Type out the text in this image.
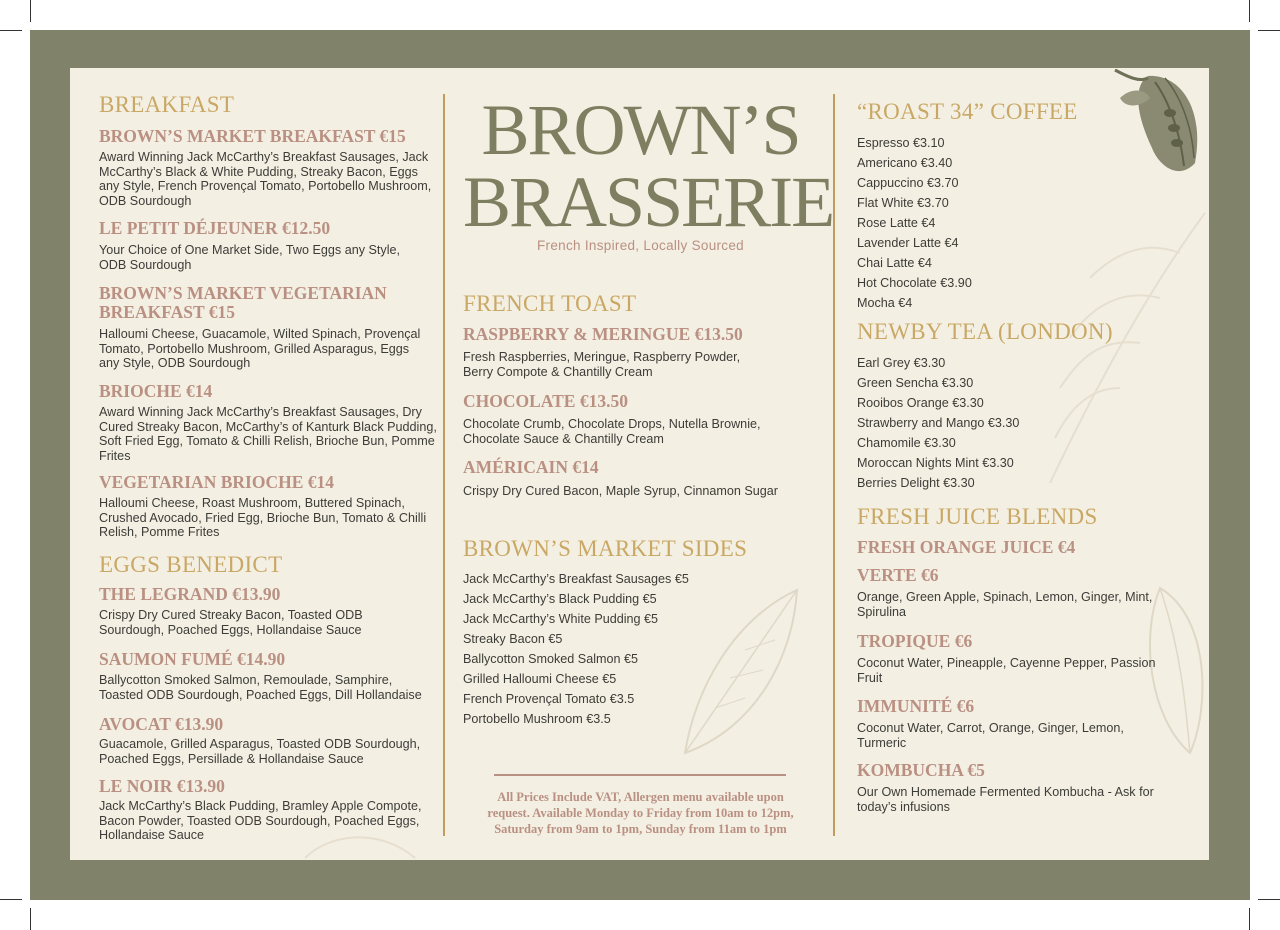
BREAKFAST
BROWN’S MARKET BREAKFAST €15
Award Winning Jack McCarthy’s Breakfast Sausages, Jack McCarthy’s Black & White Pudding, Streaky Bacon, Eggs any Style, French Provençal Tomato, Portobello Mushroom, ODB Sourdough
LE PETIT DÉJEUNER €12.50
Your Choice of One Market Side, Two Eggs any Style, ODB Sourdough
BROWN’S MARKET VEGETARIAN BREAKFAST €15
Halloumi Cheese, Guacamole, Wilted Spinach, Provençal Tomato, Portobello Mushroom, Grilled Asparagus, Eggs any Style, ODB Sourdough
BRIOCHE €14
Award Winning Jack McCarthy’s Breakfast Sausages, Dry Cured Streaky Bacon, McCarthy’s of Kanturk Black Pudding, Soft Fried Egg, Tomato & Chilli Relish, Brioche Bun, Pomme Frites
VEGETARIAN BRIOCHE €14
Halloumi Cheese, Roast Mushroom, Buttered Spinach, Crushed Avocado, Fried Egg, Brioche Bun, Tomato & Chilli Relish, Pomme Frites
EGGS BENEDICT
THE LEGRAND €13.90
Crispy Dry Cured Streaky Bacon, Toasted ODB Sourdough, Poached Eggs, Hollandaise Sauce
SAUMON FUMÉ €14.90
Ballycotton Smoked Salmon, Remoulade, Samphire, Toasted ODB Sourdough, Poached Eggs, Dill Hollandaise
AVOCAT €13.90
Guacamole, Grilled Asparagus, Toasted ODB Sourdough, Poached Eggs, Persillade & Hollandaise Sauce
LE NOIR €13.90
Jack McCarthy’s Black Pudding, Bramley Apple Compote, Bacon Powder, Toasted ODB Sourdough, Poached Eggs, Hollandaise Sauce
BROWN’S
BRASSERIE
French Inspired, Locally Sourced
FRENCH TOAST
RASPBERRY & MERINGUE €13.50
Fresh Raspberries, Meringue, Raspberry Powder, Berry Compote & Chantilly Cream
CHOCOLATE €13.50
Chocolate Crumb, Chocolate Drops, Nutella Brownie, Chocolate Sauce & Chantilly Cream
AMÉRICAIN €14
Crispy Dry Cured Bacon, Maple Syrup, Cinnamon Sugar
BROWN’S MARKET SIDES
Jack McCarthy’s Breakfast Sausages €5
Jack McCarthy’s Black Pudding €5
Jack McCarthy’s White Pudding €5
Streaky Bacon €5
Ballycotton Smoked Salmon €5
Grilled Halloumi Cheese €5
French Provençal Tomato €3.5
Portobello Mushroom €3.5
All Prices Include VAT, Allergen menu available upon
request. Available Monday to Friday from 10am to 12pm,
Saturday from 9am to 1pm, Sunday from 11am to 1pm
“ROAST 34” COFFEE
Espresso €3.10
Americano €3.40
Cappuccino €3.70
Flat White €3.70
Rose Latte €4
Lavender Latte €4
Chai Latte €4
Hot Chocolate €3.90
Mocha €4
NEWBY TEA (LONDON)
Earl Grey €3.30
Green Sencha €3.30
Rooibos Orange €3.30
Strawberry and Mango €3.30
Chamomile €3.30
Moroccan Nights Mint €3.30
Berries Delight €3.30
FRESH JUICE BLENDS
FRESH ORANGE JUICE €4
VERTE €6
Orange, Green Apple, Spinach, Lemon, Ginger, Mint, Spirulina
TROPIQUE €6
Coconut Water, Pineapple, Cayenne Pepper, Passion Fruit
IMMUNITÉ €6
Coconut Water, Carrot, Orange, Ginger, Lemon, Turmeric
KOMBUCHA €5
Our Own Homemade Fermented Kombucha - Ask for today’s infusions
